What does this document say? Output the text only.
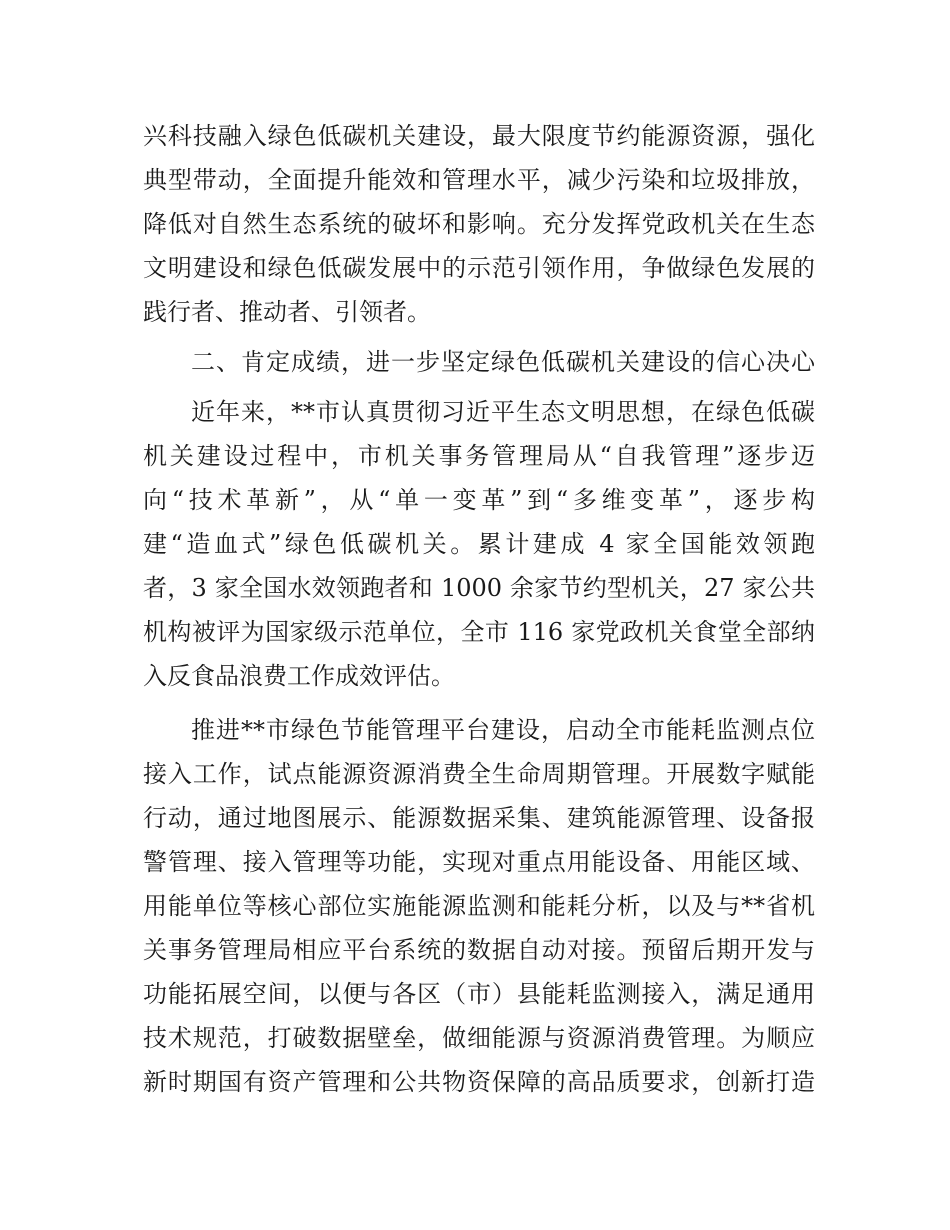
兴科技融入绿色低碳机关建设，最大限度节约能源资源，强化
典型带动，全面提升能效和管理水平，减少污染和垃圾排放，
降低对自然生态系统的破坏和影响。充分发挥党政机关在生态
文明建设和绿色低碳发展中的示范引领作用，争做绿色发展的
践行者、推动者、引领者。
二、肯定成绩，进一步坚定绿色低碳机关建设的信心决心
近年来，**市认真贯彻习近平生态文明思想，在绿色低碳
机关建设过程中，市机关事务管理局从“自我管理”逐步迈
向“技术革新”，从“单一变革”到“多维变革”，逐步构
建“造血式”绿色低碳机关。累计建成 4 家全国能效领跑
者，3 家全国水效领跑者和 1000 余家节约型机关，27 家公共
机构被评为国家级示范单位，全市 116 家党政机关食堂全部纳
入反食品浪费工作成效评估。
推进**市绿色节能管理平台建设，启动全市能耗监测点位
接入工作，试点能源资源消费全生命周期管理。开展数字赋能
行动，通过地图展示、能源数据采集、建筑能源管理、设备报
警管理、接入管理等功能，实现对重点用能设备、用能区域、
用能单位等核心部位实施能源监测和能耗分析，以及与**省机
关事务管理局相应平台系统的数据自动对接。预留后期开发与
功能拓展空间，以便与各区（市）县能耗监测接入，满足通用
技术规范，打破数据壁垒，做细能源与资源消费管理。为顺应
新时期国有资产管理和公共物资保障的高品质要求，创新打造
